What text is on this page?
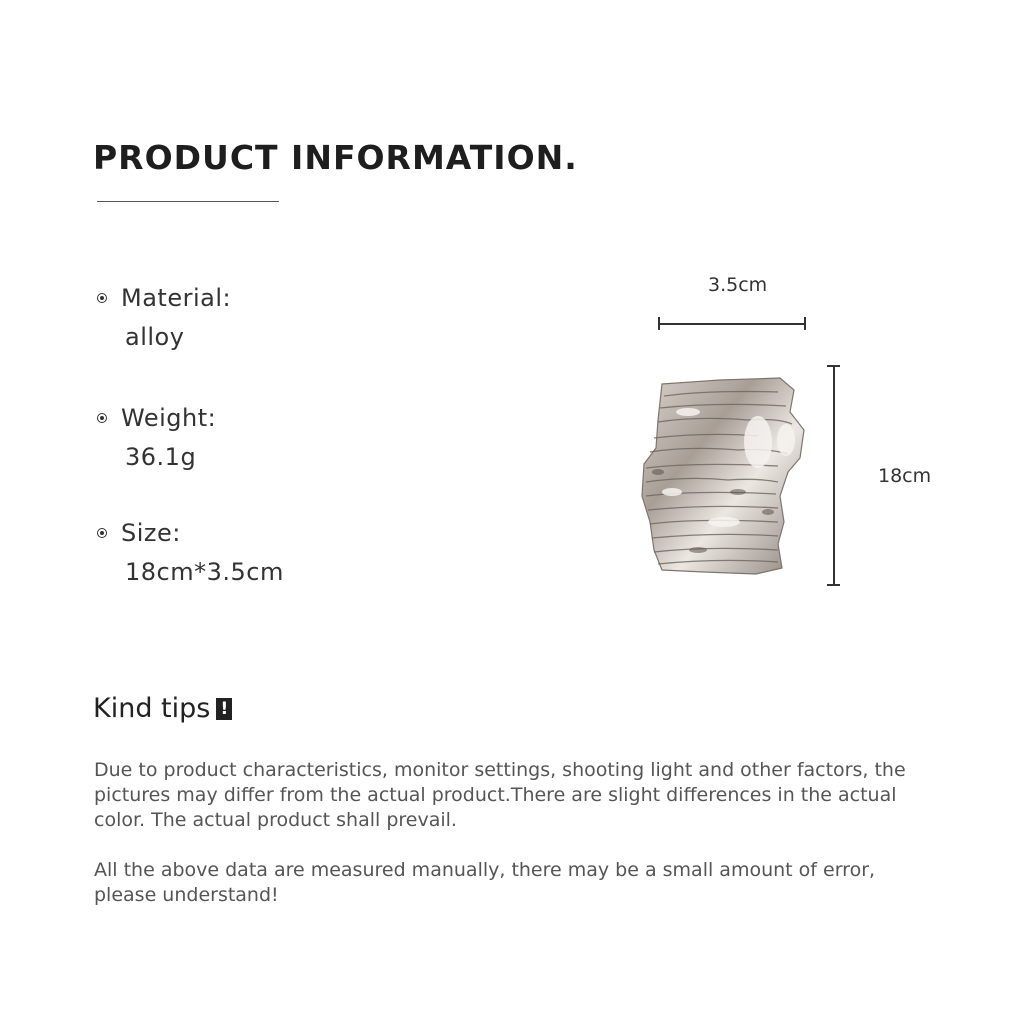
PRODUCT INFORMATION.
Material:
alloy
Weight:
36.1g
Size:
18cm*3.5cm
3.5cm
18cm
Kind tips !
Due to product characteristics, monitor settings, shooting light and other factors, the pictures may differ from the actual product.There are slight differences in the actual color. The actual product shall prevail.
All the above data are measured manually, there may be a small amount of error, please understand!
